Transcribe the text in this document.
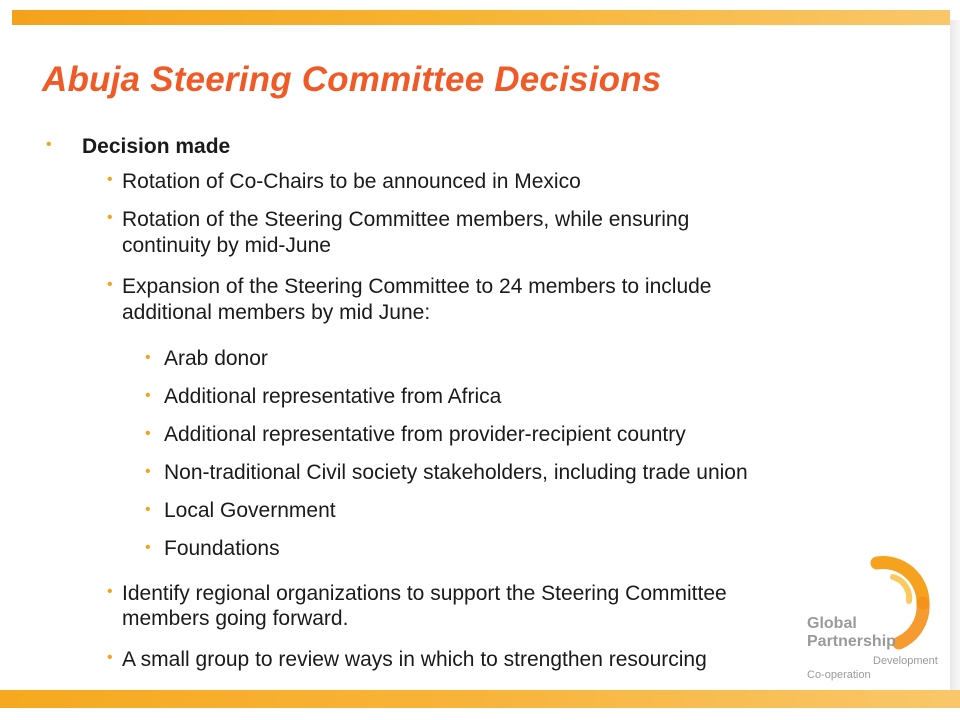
Abuja Steering Committee Decisions
• Decision made
• Rotation of Co-Chairs to be announced in Mexico
• Rotation of the Steering Committee members, while ensuring
continuity by mid-June
• Expansion of the Steering Committee to 24 members to include
additional members by mid June:
• Arab donor
• Additional representative from Africa
• Additional representative from provider-recipient country
• Non-traditional Civil society stakeholders, including trade union
• Local Government
• Foundations
• Identify regional organizations to support the Steering Committee
members going forward.
• A small group to review ways in which to strengthen resourcing
Global
Partnership
Development
Co-operation
